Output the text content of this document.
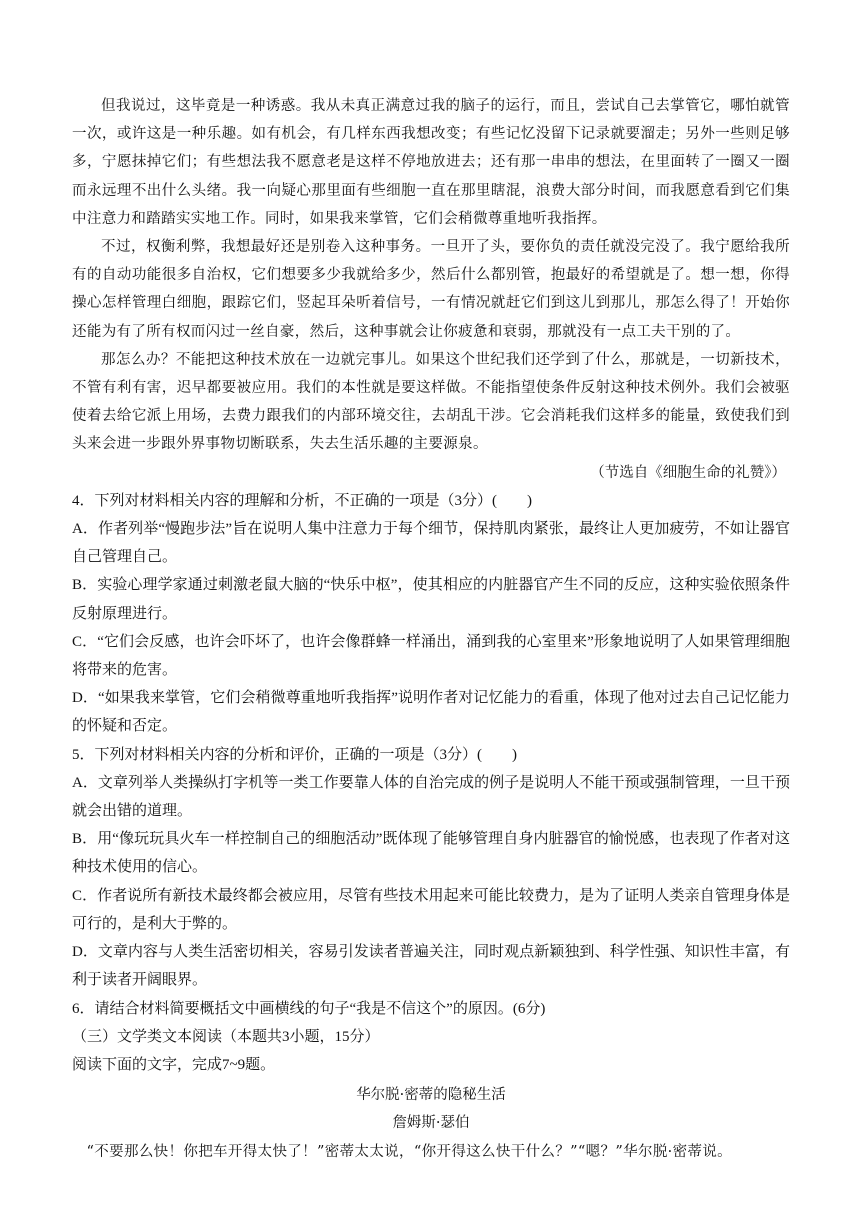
但我说过，这毕竟是一种诱惑。我从未真正满意过我的脑子的运行，而且，尝试自己去掌管它，哪怕就管一次，或许这是一种乐趣。如有机会，有几样东西我想改变；有些记忆没留下记录就要溜走；另外一些则足够多，宁愿抹掉它们；有些想法我不愿意老是这样不停地放进去；还有那一串串的想法，在里面转了一圈又一圈而永远理不出什么头绪。我一向疑心那里面有些细胞一直在那里瞎混，浪费大部分时间，而我愿意看到它们集中注意力和踏踏实实地工作。同时，如果我来掌管，它们会稍微尊重地听我指挥。

不过，权衡利弊，我想最好还是别卷入这种事务。一旦开了头，要你负的责任就没完没了。我宁愿给我所有的自动功能很多自治权，它们想要多少我就给多少，然后什么都别管，抱最好的希望就是了。想一想，你得操心怎样管理白细胞，跟踪它们，竖起耳朵听着信号，一有情况就赶它们到这儿到那儿，那怎么得了！开始你还能为有了所有权而闪过一丝自豪，然后，这种事就会让你疲惫和衰弱，那就没有一点工夫干别的了。

那怎么办？不能把这种技术放在一边就完事儿。如果这个世纪我们还学到了什么，那就是，一切新技术，不管有利有害，迟早都要被应用。我们的本性就是要这样做。不能指望使条件反射这种技术例外。我们会被驱使着去给它派上用场，去费力跟我们的内部环境交往，去胡乱干涉。它会消耗我们这样多的能量，致使我们到头来会进一步跟外界事物切断联系，失去生活乐趣的主要源泉。

（节选自《细胞生命的礼赞》）

4．下列对材料相关内容的理解和分析，不正确的一项是（3分）(　　)

A．作者列举“慢跑步法”旨在说明人集中注意力于每个细节，保持肌肉紧张，最终让人更加疲劳，不如让器官自己管理自己。

B．实验心理学家通过刺激老鼠大脑的“快乐中枢”，使其相应的内脏器官产生不同的反应，这种实验依照条件反射原理进行。

C．“它们会反感，也许会吓坏了，也许会像群蜂一样涌出，涌到我的心室里来”形象地说明了人如果管理细胞将带来的危害。

D．“如果我来掌管，它们会稍微尊重地听我指挥”说明作者对记忆能力的看重，体现了他对过去自己记忆能力的怀疑和否定。

5．下列对材料相关内容的分析和评价，正确的一项是（3分）(　　)

A．文章列举人类操纵打字机等一类工作要靠人体的自治完成的例子是说明人不能干预或强制管理，一旦干预就会出错的道理。

B．用“像玩玩具火车一样控制自己的细胞活动”既体现了能够管理自身内脏器官的愉悦感，也表现了作者对这种技术使用的信心。

C．作者说所有新技术最终都会被应用，尽管有些技术用起来可能比较费力，是为了证明人类亲自管理身体是可行的，是利大于弊的。

D．文章内容与人类生活密切相关，容易引发读者普遍关注，同时观点新颖独到、科学性强、知识性丰富，有利于读者开阔眼界。

6．请结合材料简要概括文中画横线的句子“我是不信这个”的原因。(6分)

（三）文学类文本阅读（本题共3小题，15分）

阅读下面的文字，完成7~9题。

华尔脱·密蒂的隐秘生活

詹姆斯·瑟伯

“不要那么快！你把车开得太快了！”密蒂太太说，“你开得这么快干什么？”“嗯？”华尔脱·密蒂说。
